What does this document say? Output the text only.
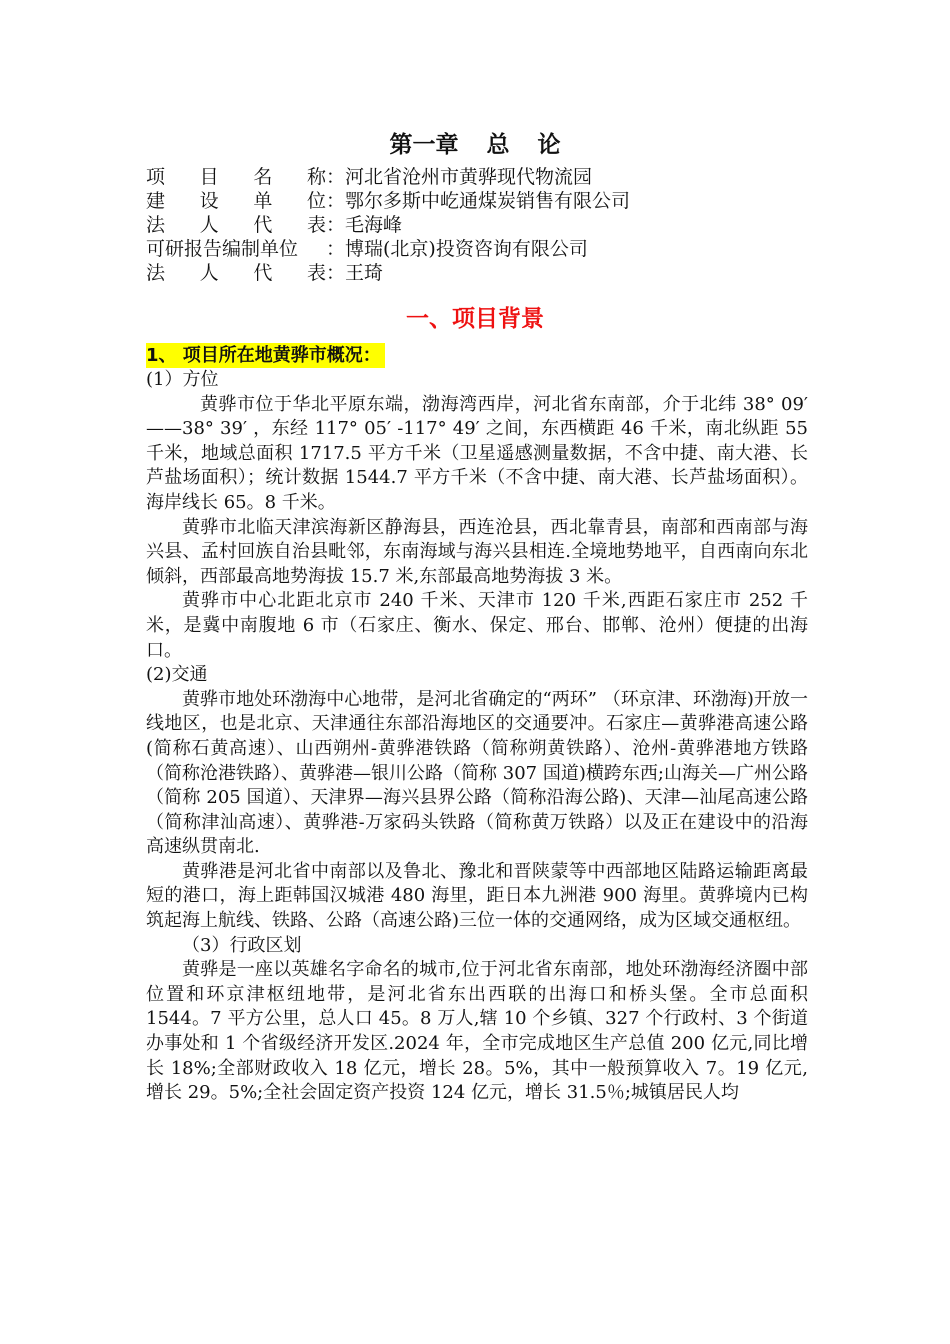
第一章 总 论
项 目 名 称 ：河北省沧州市黄骅现代物流园
建 设 单 位 ：鄂尔多斯中屹通煤炭销售有限公司
法 人 代 表 ：毛海峰
可研报告编制单位 ：博瑞(北京)投资咨询有限公司
法 人 代 表 ：王琦
一、项目背景
1、 项目所在地黄骅市概况：
(1）方位

黄骅市位于华北平原东端，渤海湾西岸，河北省东南部，介于北纬 38° 09′ ——38° 39′ ，东经 117° 05′ -117° 49′ 之间，东西横距 46 千米，南北纵距 55 千米，地域总面积 1717.5 平方千米（卫星遥感测量数据，不含中捷、南大港、长芦盐场面积）；统计数据 1544.7 平方千米（不含中捷、南大港、长芦盐场面积）。海岸线长 65。8 千米。

黄骅市北临天津滨海新区静海县，西连沧县，西北靠青县，南部和西南部与海兴县、孟村回族自治县毗邻，东南海域与海兴县相连.全境地势地平，自西南向东北倾斜，西部最高地势海拔 15.7 米,东部最高地势海拔 3 米。

黄骅市中心北距北京市 240 千米、天津市 120 千米,西距石家庄市 252 千米，是冀中南腹地 6 市（石家庄、衡水、保定、邢台、邯郸、沧州）便捷的出海口。

(2)交通

黄骅市地处环渤海中心地带，是河北省确定的“两环” （环京津、环渤海)开放一线地区，也是北京、天津通往东部沿海地区的交通要冲。石家庄—黄骅港高速公路(简称石黄高速）、山西朔州-黄骅港铁路（简称朔黄铁路）、沧州-黄骅港地方铁路（简称沧港铁路）、黄骅港—银川公路（简称 307 国道)横跨东西;山海关—广州公路（简称 205 国道）、天津界—海兴县界公路（简称沿海公路)、天津—汕尾高速公路（简称津汕高速）、黄骅港-万家码头铁路（简称黄万铁路）以及正在建设中的沿海高速纵贯南北.

黄骅港是河北省中南部以及鲁北、豫北和晋陕蒙等中西部地区陆路运输距离最短的港口，海上距韩国汉城港 480 海里，距日本九洲港 900 海里。黄骅境内已构筑起海上航线、铁路、公路（高速公路)三位一体的交通网络，成为区域交通枢纽。

（3）行政区划

黄骅是一座以英雄名字命名的城市,位于河北省东南部，地处环渤海经济圈中部位置和环京津枢纽地带，是河北省东出西联的出海口和桥头堡。全市总面积 1544。7 平方公里，总人口 45。8 万人,辖 10 个乡镇、327 个行政村、3 个街道办事处和 1 个省级经济开发区.2024 年，全市完成地区生产总值 200 亿元,同比增长 18%;全部财政收入 18 亿元，增长 28。5%，其中一般预算收入 7。19 亿元,增长 29。5%;全社会固定资产投资 124 亿元，增长 31.5％;城镇居民人均
